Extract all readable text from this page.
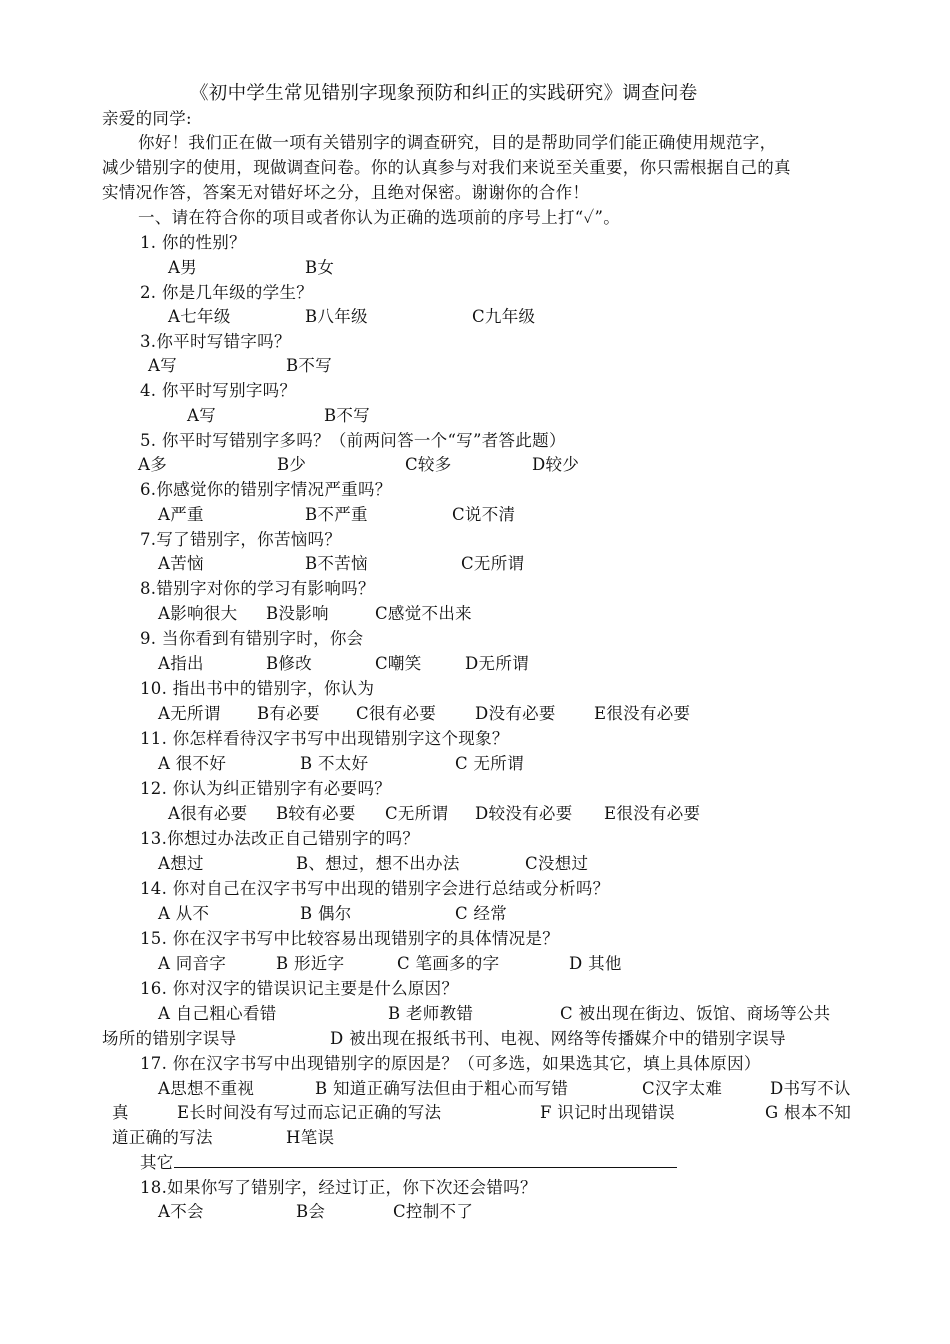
《初中学生常见错别字现象预防和纠正的实践研究》调查问卷
亲爱的同学:
你好！我们正在做一项有关错别字的调查研究，目的是帮助同学们能正确使用规范字，
减少错别字的使用，现做调查问卷。你的认真参与对我们来说至关重要，你只需根据自己的真
实情况作答，答案无对错好坏之分，且绝对保密。谢谢你的合作！
一、请在符合你的项目或者你认为正确的选项前的序号上打“✓”。
1. 你的性别？
A男	B女
2. 你是几年级的学生？
A七年级	B八年级	C九年级
3.你平时写错字吗？
A写	B不写
4. 你平时写别字吗？
A写	B不写
5. 你平时写错别字多吗？（前两问答一个“写”者答此题）
A多	B少	C较多	D较少
6.你感觉你的错别字情况严重吗？
A严重	B不严重	C说不清
7.写了错别字，你苦恼吗？
A苦恼	B不苦恼	C无所谓
8.错别字对你的学习有影响吗？
A影响很大 B没影响	C感觉不出来
9. 当你看到有错别字时，你会
A指出	B修改	C嘲笑	D无所谓
10. 指出书中的错别字，你认为
A无所谓 B有必要 C很有必要 D没有必要 E很没有必要
11. 你怎样看待汉字书写中出现错别字这个现象？
A 很不好	B 不太好	C 无所谓
12. 你认为纠正错别字有必要吗？
A很有必要 B较有必要 C无所谓 D较没有必要 E很没有必要
13.你想过办法改正自己错别字的吗？
A想过	B、想过，想不出办法	C没想过
14. 你对自己在汉字书写中出现的错别字会进行总结或分析吗？
A 从不	B 偶尔	C 经常
15. 你在汉字书写中比较容易出现错别字的具体情况是？
A 同音字	B 形近字	C 笔画多的字	D 其他
16. 你对汉字的错误识记主要是什么原因？
A 自己粗心看错	B 老师教错	C 被出现在街边、饭馆、商场等公共
场所的错别字误导	D 被出现在报纸书刊、电视、网络等传播媒介中的错别字误导
17. 你在汉字书写中出现错别字的原因是？（可多选，如果选其它，填上具体原因）
A思想不重视	B 知道正确写法但由于粗心而写错	C汉字太难	D书写不认
真	E长时间没有写过而忘记正确的写法	F 识记时出现错误	G 根本不知
道正确的写法	H笔误
其它
18.如果你写了错别字，经过订正，你下次还会错吗？
A不会	B会	C控制不了
